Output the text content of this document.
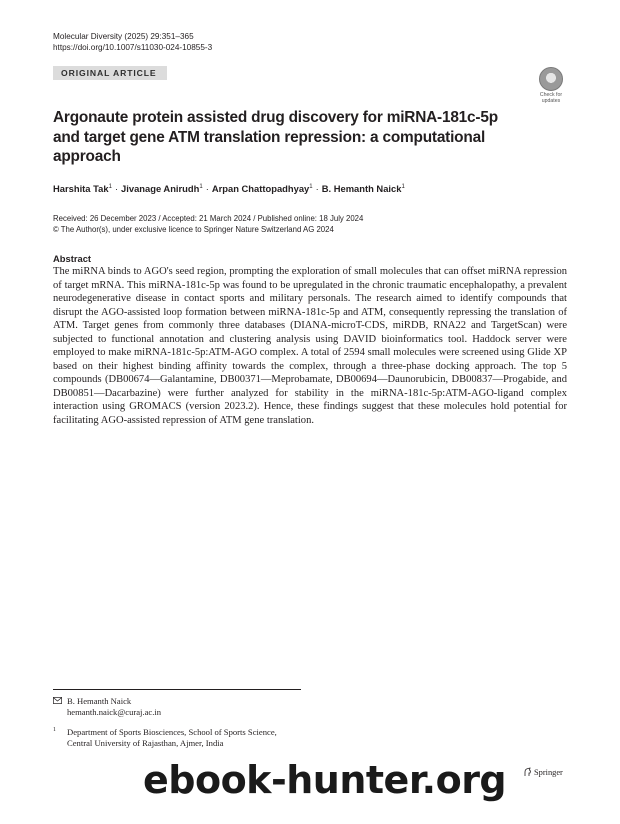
Molecular Diversity (2025) 29:351–365
https://doi.org/10.1007/s11030-024-10855-3
ORIGINAL ARTICLE
Check for updates
Argonaute protein assisted drug discovery for miRNA-181c-5p and target gene ATM translation repression: a computational approach
Harshita Tak$^1$ · Jivanage Anirudh$^1$ · Arpan Chattopadhyay$^1$ · B. Hemanth Naick$^1$
Received: 26 December 2023 / Accepted: 21 March 2024 / Published online: 18 July 2024
© The Author(s), under exclusive licence to Springer Nature Switzerland AG 2024
Abstract
The miRNA binds to AGO's seed region, prompting the exploration of small molecules that can offset miRNA repression of target mRNA. This miRNA-181c-5p was found to be upregulated in the chronic traumatic encephalopathy, a prevalent neurodegenerative disease in contact sports and military personals. The research aimed to identify compounds that disrupt the AGO-assisted loop formation between miRNA-181c-5p and ATM, consequently repressing the translation of ATM. Target genes from commonly three databases (DIANA-microT-CDS, miRDB, RNA22 and TargetScan) were subjected to functional annotation and clustering analysis using DAVID bioinformatics tool. Haddock server were employed to make miRNA-181c-5p:ATM-AGO complex. A total of 2594 small molecules were screened using Glide XP based on their highest binding affinity towards the complex, through a three-phase docking approach. The top 5 compounds (DB00674—Galantamine, DB00371—Meprobamate, DB00694—Daunorubicin, DB00837—Progabide, and DB00851—Dacarbazine) were further analyzed for stability in the miRNA-181c-5p:ATM-AGO-ligand complex interaction using GROMACS (version 2023.2). Hence, these findings suggest that these molecules hold potential for facilitating AGO-assisted repression of ATM gene translation.
B. Hemanth Naick
hemanth.naick@curaj.ac.in
1 Department of Sports Biosciences, School of Sports Science,
Central University of Rajasthan, Ajmer, India
Springer
ebook-hunter.org
